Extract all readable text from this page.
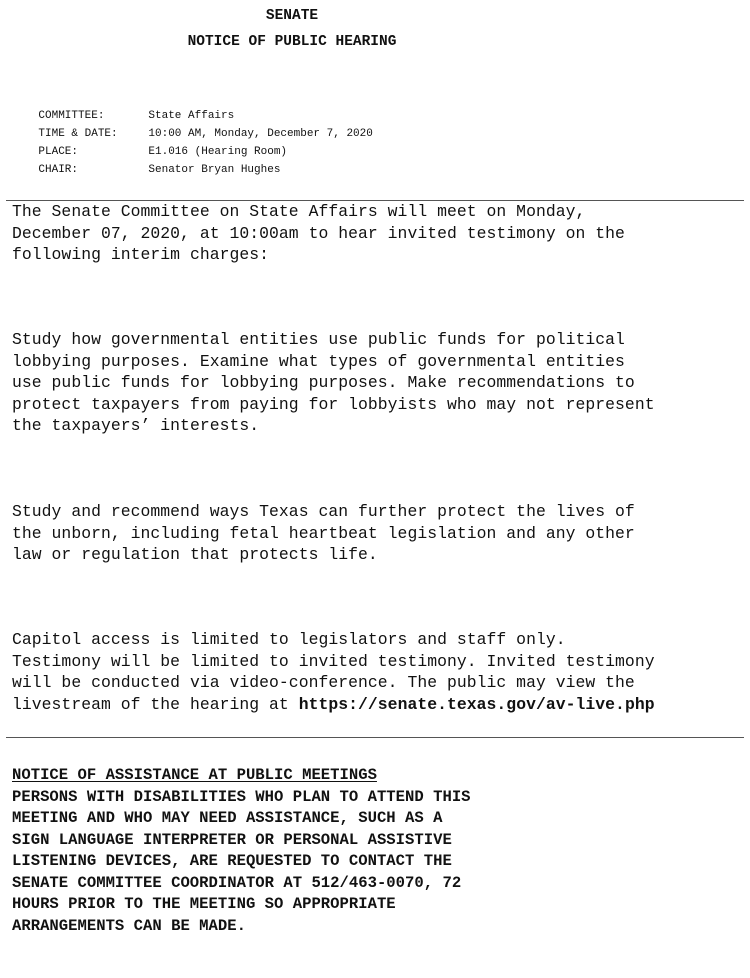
SENATE
NOTICE OF PUBLIC HEARING

COMMITTEE:	State Affairs

TIME & DATE:	10:00 AM, Monday, December 7, 2020

PLACE:	E1.016 (Hearing Room)

CHAIR:	Senator Bryan Hughes

The Senate Committee on State Affairs will meet on Monday,
December 07, 2020, at 10:00am to hear invited testimony on the
following interim charges:
Study how governmental entities use public funds for political
lobbying purposes. Examine what types of governmental entities
use public funds for lobbying purposes. Make recommendations to
protect taxpayers from paying for lobbyists who may not represent
the taxpayers’ interests.
Study and recommend ways Texas can further protect the lives of
the unborn, including fetal heartbeat legislation and any other
law or regulation that protects life.
Capitol access is limited to legislators and staff only.
Testimony will be limited to invited testimony. Invited testimony
will be conducted via video-conference. The public may view the
livestream of the hearing at https://senate.texas.gov/av-live.php
NOTICE OF ASSISTANCE AT PUBLIC MEETINGS
PERSONS WITH DISABILITIES WHO PLAN TO ATTEND THIS
MEETING AND WHO MAY NEED ASSISTANCE, SUCH AS A
SIGN LANGUAGE INTERPRETER OR PERSONAL ASSISTIVE
LISTENING DEVICES, ARE REQUESTED TO CONTACT THE
SENATE COMMITTEE COORDINATOR AT 512/463-0070, 72
HOURS PRIOR TO THE MEETING SO APPROPRIATE
ARRANGEMENTS CAN BE MADE.
